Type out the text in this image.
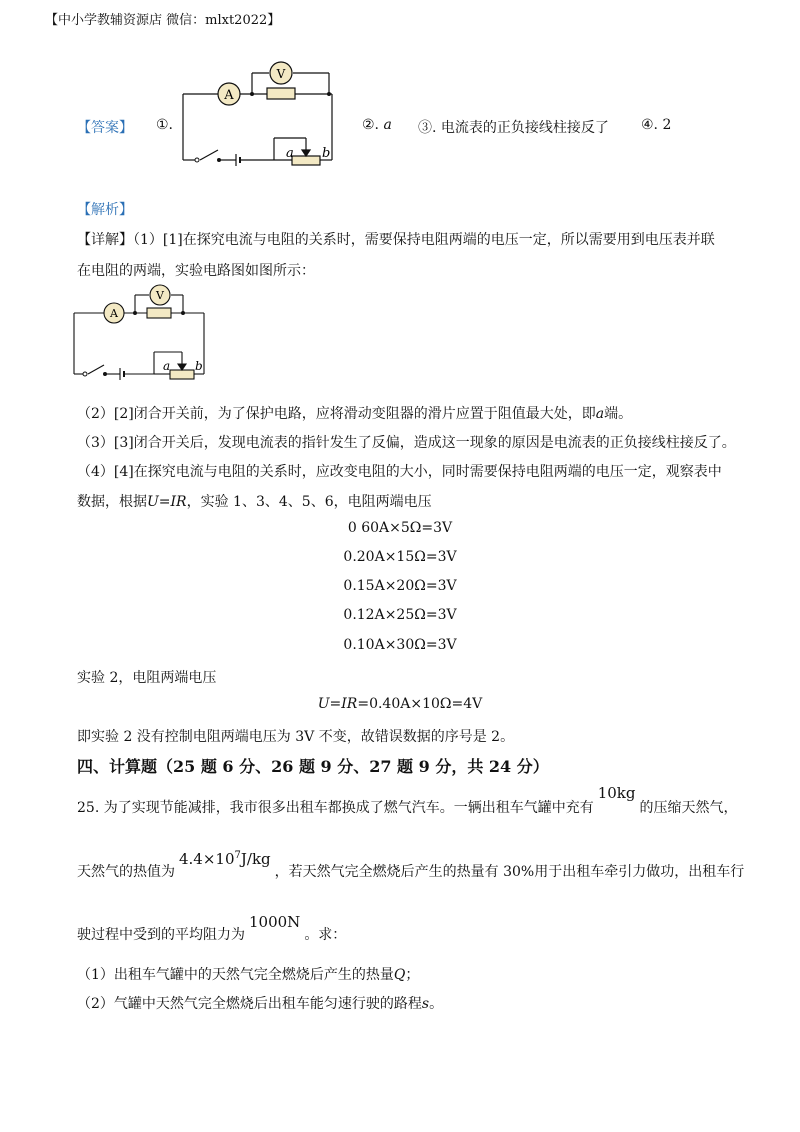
【中小学教辅资源店 微信：mlxt2022】
【答案】 ①.
A
V
a b
②. a ③. 电流表的正负接线柱接反了 ④. 2
【解析】
【详解】（1）[1]在探究电流与电阻的关系时，需要保持电阻两端的电压一定，所以需要用到电压表并联
在电阻的两端，实验电路图如图所示：
A
V
a b
（2）[2]闭合开关前，为了保护电路，应将滑动变阻器的滑片应置于阻值最大处，即a端。
（3）[3]闭合开关后，发现电流表的指针发生了反偏，造成这一现象的原因是电流表的正负接线柱接反了。
（4）[4]在探究电流与电阻的关系时，应改变电阻的大小，同时需要保持电阻两端的电压一定，观察表中
数据，根据U=IR，实验 1、3、4、5、6，电阻两端电压
0 60A×5Ω=3V
0.20A×15Ω=3V
0.15A×20Ω=3V
0.12A×25Ω=3V
0.10A×30Ω=3V
实验 2，电阻两端电压
U=IR=0.40A×10Ω=4V
即实验 2 没有控制电阻两端电压为 3V 不变，故错误数据的序号是 2。
四、计算题（25 题 6 分、26 题 9 分、27 题 9 分，共 24 分）
25. 为了实现节能减排，我市很多出租车都换成了燃气汽车。一辆出租车气罐中充有10kg的压缩天然气，
天然气的热值为$4.4\times 10^7J/kg$，若天然气完全燃烧后产生的热量有 30%用于出租车牵引力做功，出租车行
驶过程中受到的平均阻力为1000N。求：
（1）出租车气罐中的天然气完全燃烧后产生的热量Q；
（2）气罐中天然气完全燃烧后出租车能匀速行驶的路程s。
